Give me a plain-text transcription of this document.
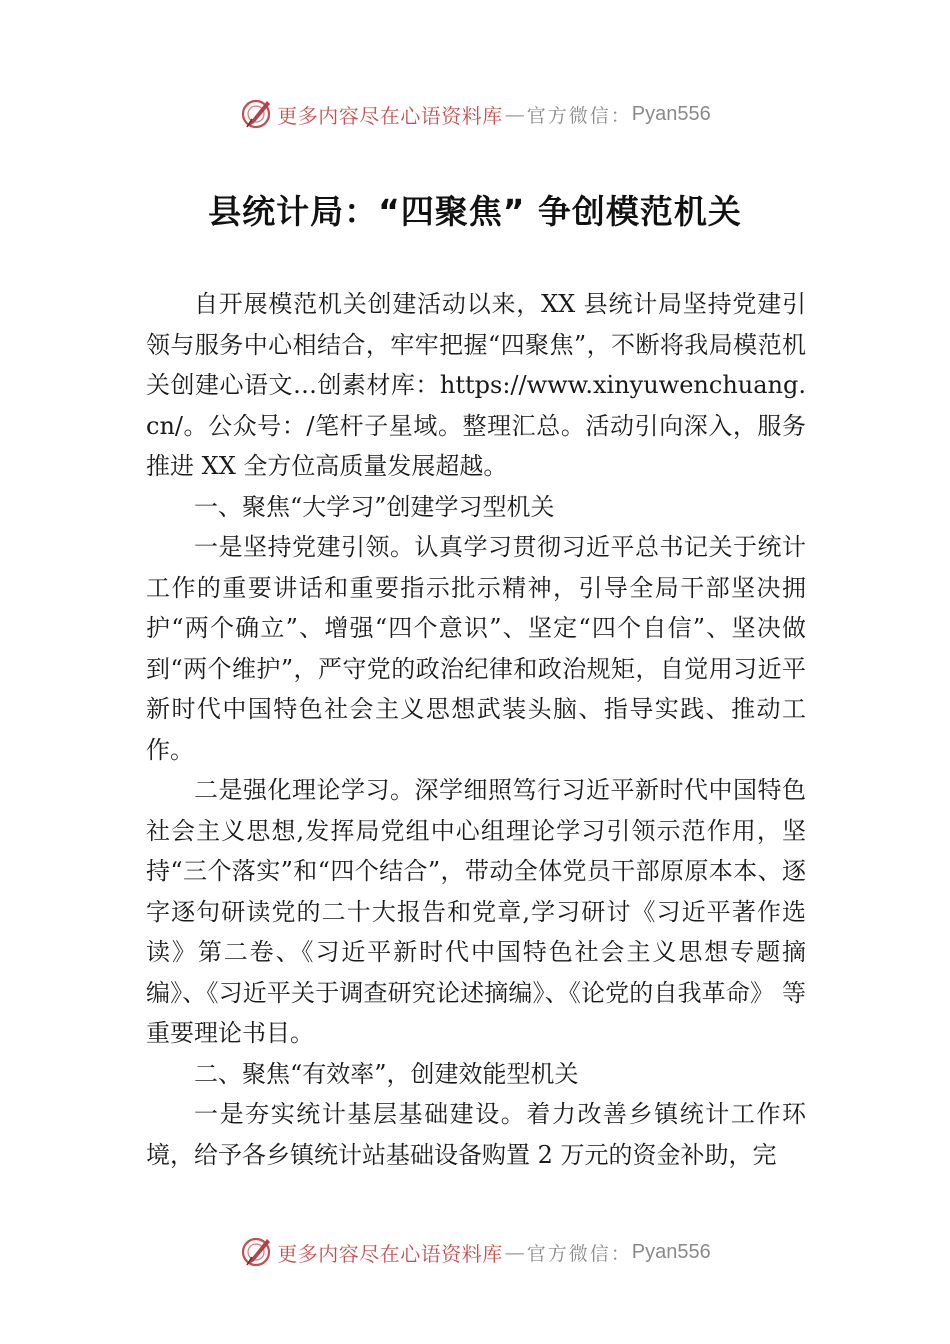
更多内容尽在心语资料库 — 官方微信： Pyan556
县统计局：“四聚焦” 争创模范机关

自开展模范机关创建活动以来，XX 县统计局坚持党建引领与服务中心相结合，牢牢把握“四聚焦”，不断将我局模范机关创建心语文…创素材库：https://www.xinyuwenchuang.cn/。公众号：/笔杆子星域。整理汇总。活动引向深入，服务推进 XX 全方位高质量发展超越。

一、聚焦“大学习”创建学习型机关

一是坚持党建引领。认真学习贯彻习近平总书记关于统计工作的重要讲话和重要指示批示精神，引导全局干部坚决拥护“两个确立”、增强“四个意识”、坚定“四个自信”、坚决做到“两个维护”，严守党的政治纪律和政治规矩，自觉用习近平新时代中国特色社会主义思想武装头脑、指导实践、推动工作。

二是强化理论学习。深学细照笃行习近平新时代中国特色社会主义思想,发挥局党组中心组理论学习引领示范作用，坚持“三个落实”和“四个结合”，带动全体党员干部原原本本、逐字逐句研读党的二十大报告和党章,学习研讨《习近平著作选读》第二卷、《习近平新时代中国特色社会主义思想专题摘编》、《习近平关于调查研究论述摘编》、《论党的自我革命》 等重要理论书目。

二、聚焦“有效率”，创建效能型机关

一是夯实统计基层基础建设。着力改善乡镇统计工作环境，给予各乡镇统计站基础设备购置 2 万元的资金补助，完

更多内容尽在心语资料库 — 官方微信： Pyan556
